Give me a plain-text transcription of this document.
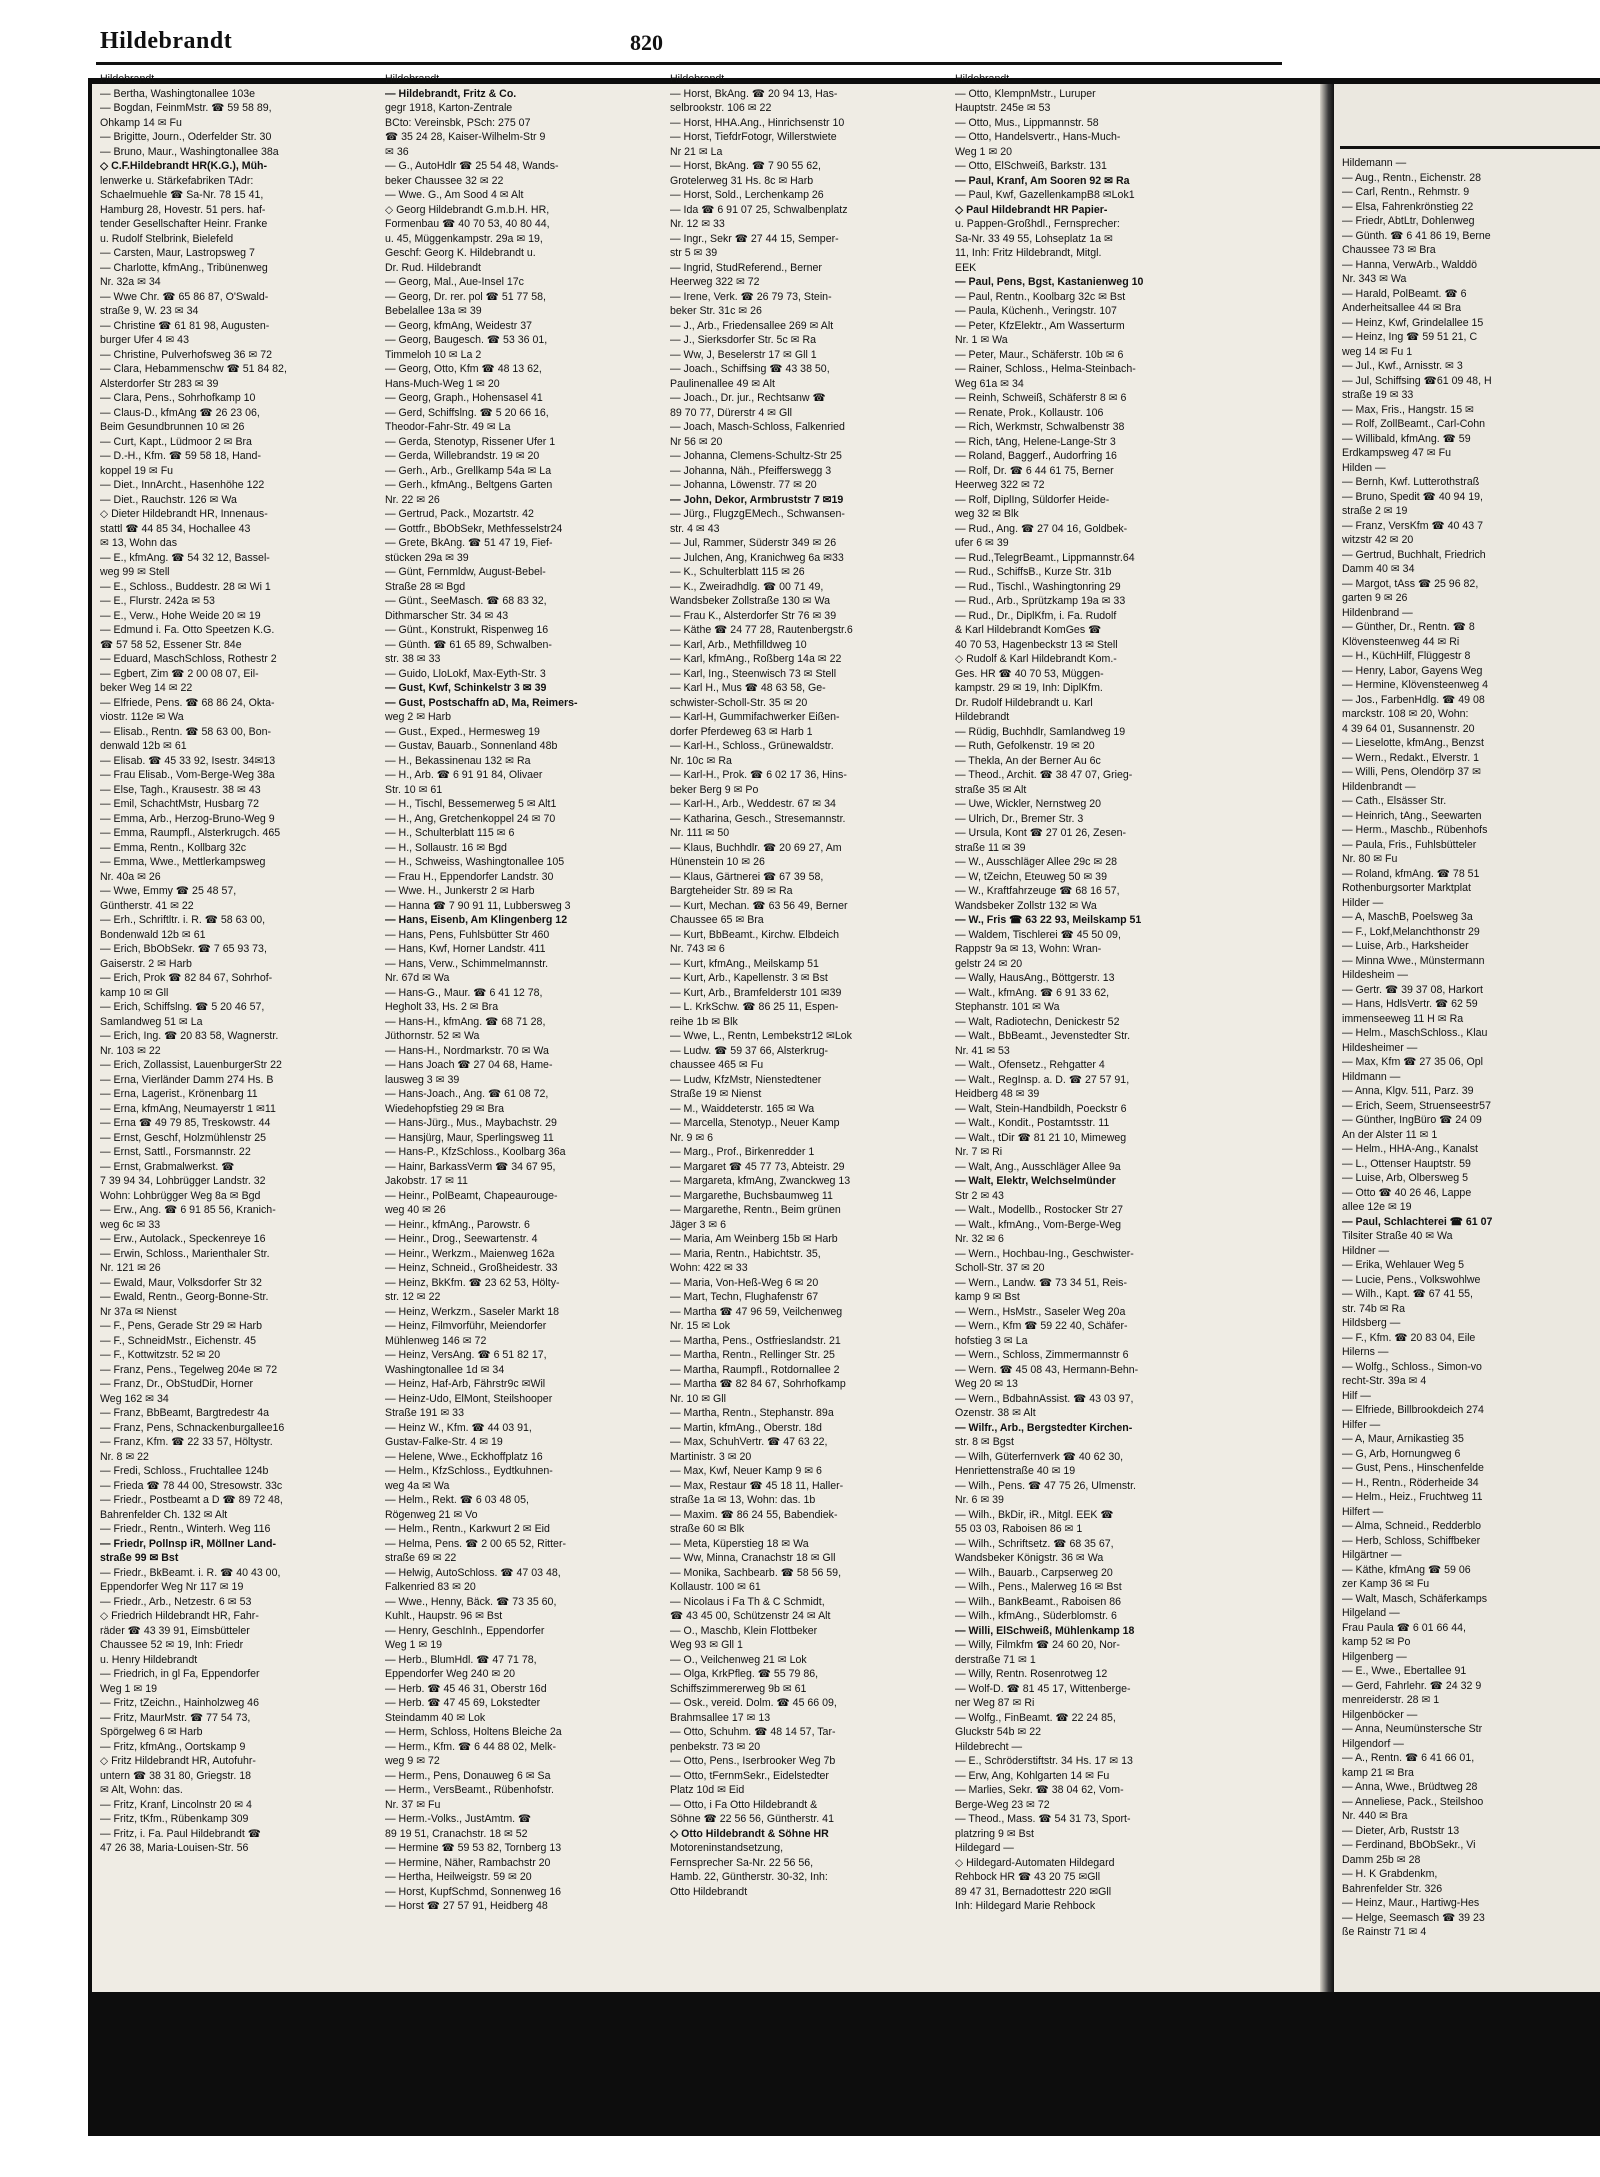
Hildemann —
— Aug., Rentn., Eichenstr. 28
— Carl, Rentn., Rehmstr. 9
— Elsa, Fahrenkrönstieg 22
— Friedr, AbtLtr, Dohlenweg
— Günth. ☎ 6 41 86 19, Berne
Chaussee 73 ✉ Bra
— Hanna, VerwArb., Walddö
Nr. 343 ✉ Wa
— Harald, PolBeamt. ☎ 6
Anderheitsallee 44 ✉ Bra
— Heinz, Kwf, Grindelallee 15
— Heinz, Ing ☎ 59 51 21, C
weg 14 ✉ Fu 1
— Jul., Kwf., Arnisstr. ✉ 3
— Jul, Schiffsing ☎61 09 48, H
straße 19 ✉ 33
— Max, Fris., Hangstr. 15 ✉
— Rolf, ZollBeamt., Carl-Cohn
— Willibald, kfmAng. ☎ 59
Erdkampsweg 47 ✉ Fu
Hilden —
— Bernh, Kwf. Lutterothstraß
— Bruno, Spedit ☎ 40 94 19,
straße 2 ✉ 19
— Franz, VersKfm ☎ 40 43 7
witzstr 42 ✉ 20
— Gertrud, Buchhalt, Friedrich
Damm 40 ✉ 34
— Margot, tAss ☎ 25 96 82,
garten 9 ✉ 26
Hildenbrand —
— Günther, Dr., Rentn. ☎ 8
Klövensteenweg 44 ✉ Ri
— H., KüchHilf, Flüggestr 8
— Henry, Labor, Gayens Weg
— Hermine, Klövensteenweg 4
— Jos., FarbenHdlg. ☎ 49 08
marckstr. 108 ✉ 20, Wohn:
4 39 64 01, Susannenstr. 20
— Lieselotte, kfmAng., Benzst
— Wern., Redakt., Elverstr. 1
— Willi, Pens, Olendörp 37 ✉
Hildenbrandt —
— Cath., Elsässer Str.
— Heinrich, tAng., Seewarten
— Herm., Maschb., Rübenhofs
— Paula, Fris., Fuhlsbütteler
Nr. 80 ✉ Fu
— Roland, kfmAng. ☎ 78 51
Rothenburgsorter Marktplat
Hilder —
— A, MaschB, Poelsweg 3a
— F., Lokf,Melanchthonstr 29
— Luise, Arb., Harksheider
— Minna Wwe., Münstermann
Hildesheim —
— Gertr. ☎ 39 37 08, Harkort
— Hans, HdlsVertr. ☎ 62 59
immenseeweg 11 H ✉ Ra
— Helm., MaschSchloss., Klau
Hildesheimer —
— Max, Kfm ☎ 27 35 06, Opl
Hildmann —
— Anna, Klgv. 511, Parz. 39
— Erich, Seem, Struenseestr57
— Günther, IngBüro ☎ 24 09
An der Alster 11 ✉ 1
— Helm., HHA-Ang., Kanalst
— L., Ottenser Hauptstr. 59
— Luise, Arb, Olbersweg 5
— Otto ☎ 40 26 46, Lappe
allee 12e ✉ 19
— Paul, Schlachterei ☎ 61 07
Tilsiter Straße 40 ✉ Wa
Hildner —
— Erika, Wehlauer Weg 5
— Lucie, Pens., Volkswohlwe
— Wilh., Kapt. ☎ 67 41 55,
str. 74b ✉ Ra
Hildsberg —
— F., Kfm. ☎ 20 83 04, Eile
Hilerns —
— Wolfg., Schloss., Simon-vo
recht-Str. 39a ✉ 4
Hilf —
— Elfriede, Billbrookdeich 274
Hilfer —
— A, Maur, Arnikastieg 35
— G, Arb, Hornungweg 6
— Gust, Pens., Hinschenfelde
— H., Rentn., Röderheide 34
— Helm., Heiz., Fruchtweg 11
Hilfert —
— Alma, Schneid., Redderblo
— Herb, Schloss, Schiffbeker
Hilgärtner —
— Käthe, kfmAng ☎ 59 06
zer Kamp 36 ✉ Fu
— Walt, Masch, Schäferkamps
Hilgeland —
Frau Paula ☎ 6 01 66 44,
kamp 52 ✉ Po
Hilgenberg —
— E., Wwe., Ebertallee 91
— Gerd, Fahrlehr. ☎ 24 32 9
menreiderstr. 28 ✉ 1
Hilgenböcker —
— Anna, Neumünstersche Str
Hilgendorf —
— A., Rentn. ☎ 6 41 66 01,
kamp 21 ✉ Bra
— Anna, Wwe., Brüdtweg 28
— Anneliese, Pack., Steilshoo
Nr. 440 ✉ Bra
— Dieter, Arb, Ruststr 13
— Ferdinand, BbObSekr., Vi
Damm 25b ✉ 28
— H. K Grabdenkm,
Bahrenfelder Str. 326
— Heinz, Maur., Hartiwg-Hes
— Helge, Seemasch ☎ 39 23
ße Rainstr 71 ✉ 4
Hildebrandt	820
Hildebrandt —
— Bertha, Washingtonallee 103e
— Bogdan, FeinmMstr. ☎ 59 58 89,
Ohkamp 14 ✉ Fu
— Brigitte, Journ., Oderfelder Str. 30
— Bruno, Maur., Washingtonallee 38a
◇ C.F.Hildebrandt HR(K.G.), Müh-
lenwerke u. Stärkefabriken TAdr:
Schaelmuehle ☎ Sa-Nr. 78 15 41,
Hamburg 28, Hovestr. 51 pers. haf-
tender Gesellschafter Heinr. Franke
u. Rudolf Stelbrink, Bielefeld
— Carsten, Maur, Lastropsweg 7
— Charlotte, kfmAng., Tribünenweg
Nr. 32a ✉ 34
— Wwe Chr. ☎ 65 86 87, O'Swald-
straße 9, W. 23 ✉ 34
— Christine ☎ 61 81 98, Augusten-
burger Ufer 4 ✉ 43
— Christine, Pulverhofsweg 36 ✉ 72
— Clara, Hebammenschw ☎ 51 84 82,
Alsterdorfer Str 283 ✉ 39
— Clara, Pens., Sohrhofkamp 10
— Claus-D., kfmAng ☎ 26 23 06,
Beim Gesundbrunnen 10 ✉ 26
— Curt, Kapt., Lüdmoor 2 ✉ Bra
— D.-H., Kfm. ☎ 59 58 18, Hand-
koppel 19 ✉ Fu
— Diet., InnArcht., Hasenhöhe 122
— Diet., Rauchstr. 126 ✉ Wa
◇ Dieter Hildebrandt HR, Innenaus-
stattl ☎ 44 85 34, Hochallee 43
✉ 13, Wohn das
— E., kfmAng. ☎ 54 32 12, Bassel-
weg 99 ✉ Stell
— E., Schloss., Buddestr. 28 ✉ Wi 1
— E., Flurstr. 242a ✉ 53
— E., Verw., Hohe Weide 20 ✉ 19
— Edmund i. Fa. Otto Speetzen K.G.
☎ 57 58 52, Essener Str. 84e
— Eduard, MaschSchloss, Rothestr 2
— Egbert, Zim ☎ 2 00 08 07, Eil-
beker Weg 14 ✉ 22
— Elfriede, Pens. ☎ 68 86 24, Okta-
viostr. 112e ✉ Wa
— Elisab., Rentn. ☎ 58 63 00, Bon-
denwald 12b ✉ 61
— Elisab. ☎ 45 33 92, Isestr. 34✉13
— Frau Elisab., Vom-Berge-Weg 38a
— Else, Tagh., Krausestr. 38 ✉ 43
— Emil, SchachtMstr, Husbarg 72
— Emma, Arb., Herzog-Bruno-Weg 9
— Emma, Raumpfl., Alsterkrugch. 465
— Emma, Rentn., Kollbarg 32c
— Emma, Wwe., Mettlerkampsweg
Nr. 40a ✉ 26
— Wwe, Emmy ☎ 25 48 57,
Güntherstr. 41 ✉ 22
— Erh., Schriftltr. i. R. ☎ 58 63 00,
Bondenwald 12b ✉ 61
— Erich, BbObSekr. ☎ 7 65 93 73,
Gaiserstr. 2 ✉ Harb
— Erich, Prok ☎ 82 84 67, Sohrhof-
kamp 10 ✉ Gll
— Erich, Schiffslng. ☎ 5 20 46 57,
Samlandweg 51 ✉ La
— Erich, Ing. ☎ 20 83 58, Wagnerstr.
Nr. 103 ✉ 22
— Erich, Zollassist, LauenburgerStr 22
— Erna, Vierländer Damm 274 Hs. B
— Erna, Lagerist., Krönenbarg 11
— Erna, kfmAng, Neumayerstr 1 ✉11
— Erna ☎ 49 79 85, Treskowstr. 44
— Ernst, Geschf, Holzmühlenstr 25
— Ernst, Sattl., Forsmannstr. 22
— Ernst, Grabmalwerkst. ☎
7 39 94 34, Lohbrügger Landstr. 32
Wohn: Lohbrügger Weg 8a ✉ Bgd
— Erw., Ang. ☎ 6 91 85 56, Kranich-
weg 6c ✉ 33
— Erw., Autolack., Speckenreye 16
— Erwin, Schloss., Marienthaler Str.
Nr. 121 ✉ 26
— Ewald, Maur, Volksdorfer Str 32
— Ewald, Rentn., Georg-Bonne-Str.
Nr 37a ✉ Nienst
— F., Pens, Gerade Str 29 ✉ Harb
— F., SchneidMstr., Eichenstr. 45
— F., Kottwitzstr. 52 ✉ 20
— Franz, Pens., Tegelweg 204e ✉ 72
— Franz, Dr., ObStudDir, Horner
Weg 162 ✉ 34
— Franz, BbBeamt, Bargtredestr 4a
— Franz, Pens, Schnackenburgallee16
— Franz, Kfm. ☎ 22 33 57, Höltystr.
Nr. 8 ✉ 22
— Fredi, Schloss., Fruchtallee 124b
— Frieda ☎ 78 44 00, Stresowstr. 33c
— Friedr., Postbeamt a D ☎ 89 72 48,
Bahrenfelder Ch. 132 ✉ Alt
— Friedr., Rentn., Winterh. Weg 116
— Friedr, Pollnsp iR, Möllner Land-
straße 99 ✉ Bst
— Friedr., BkBeamt. i. R. ☎ 40 43 00,
Eppendorfer Weg Nr 117 ✉ 19
— Friedr., Arb., Netzestr. 6 ✉ 53
◇ Friedrich Hildebrandt HR, Fahr-
räder ☎ 43 39 91, Eimsbütteler
Chaussee 52 ✉ 19, Inh: Friedr
u. Henry Hildebrandt
— Friedrich, in gl Fa, Eppendorfer
Weg 1 ✉ 19
— Fritz, tZeichn., Hainholzweg 46
— Fritz, MaurMstr. ☎ 77 54 73,
Spörgelweg 6 ✉ Harb
— Fritz, kfmAng., Oortskamp 9
◇ Fritz Hildebrandt HR, Autofuhr-
untern ☎ 38 31 80, Griegstr. 18
✉ Alt, Wohn: das.
— Fritz, Kranf, Lincolnstr 20 ✉ 4
— Fritz, tKfm., Rübenkamp 309
— Fritz, i. Fa. Paul Hildebrandt ☎
47 26 38, Maria-Louisen-Str. 56
Hildebrandt —
— Hildebrandt, Fritz & Co.
gegr 1918, Karton-Zentrale
BCto: Vereinsbk, PSch: 275 07
☎ 35 24 28, Kaiser-Wilhelm-Str 9
✉ 36
— G., AutoHdlr ☎ 25 54 48, Wands-
beker Chaussee 32 ✉ 22
— Wwe. G., Am Sood 4 ✉ Alt
◇ Georg Hildebrandt G.m.b.H. HR,
Formenbau ☎ 40 70 53, 40 80 44,
u. 45, Müggenkampstr. 29a ✉ 19,
Geschf: Georg K. Hildebrandt u.
Dr. Rud. Hildebrandt
— Georg, Mal., Aue-Insel 17c
— Georg, Dr. rer. pol ☎ 51 77 58,
Bebelallee 13a ✉ 39
— Georg, kfmAng, Weidestr 37
— Georg, Baugesch. ☎ 53 36 01,
Timmeloh 10 ✉ La 2
— Georg, Otto, Kfm ☎ 48 13 62,
Hans-Much-Weg 1 ✉ 20
— Georg, Graph., Hohensasel 41
— Gerd, Schiffslng. ☎ 5 20 66 16,
Theodor-Fahr-Str. 49 ✉ La
— Gerda, Stenotyp, Rissener Ufer 1
— Gerda, Willebrandstr. 19 ✉ 20
— Gerh., Arb., Grellkamp 54a ✉ La
— Gerh., kfmAng., Beltgens Garten
Nr. 22 ✉ 26
— Gertrud, Pack., Mozartstr. 42
— Gottfr., BbObSekr, Methfesselstr24
— Grete, BkAng. ☎ 51 47 19, Fief-
stücken 29a ✉ 39
— Günt, Fernmldw, August-Bebel-
Straße 28 ✉ Bgd
— Günt., SeeMasch. ☎ 68 83 32,
Dithmarscher Str. 34 ✉ 43
— Günt., Konstrukt, Rispenweg 16
— Günth. ☎ 61 65 89, Schwalben-
str. 38 ✉ 33
— Guido, LloLokf, Max-Eyth-Str. 3
— Gust, Kwf, Schinkelstr 3 ✉ 39
— Gust, Postschaffn aD, Ma, Reimers-
weg 2 ✉ Harb
— Gust., Exped., Hermesweg 19
— Gustav, Bauarb., Sonnenland 48b
— H., Bekassinenau 132 ✉ Ra
— H., Arb. ☎ 6 91 91 84, Olivaer
Str. 10 ✉ 61
— H., Tischl, Bessemerweg 5 ✉ Alt1
— H., Ang, Gretchenkoppel 24 ✉ 70
— H., Schulterblatt 115 ✉ 6
— H., Sollaustr. 16 ✉ Bgd
— H., Schweiss, Washingtonallee 105
— Frau H., Eppendorfer Landstr. 30
— Wwe. H., Junkerstr 2 ✉ Harb
— Hanna ☎ 7 90 91 11, Lubbersweg 3
— Hans, Eisenb, Am Klingenberg 12
— Hans, Pens, Fuhlsbütter Str 460
— Hans, Kwf, Horner Landstr. 411
— Hans, Verw., Schimmelmannstr.
Nr. 67d ✉ Wa
— Hans-G., Maur. ☎ 6 41 12 78,
Hegholt 33, Hs. 2 ✉ Bra
— Hans-H., kfmAng. ☎ 68 71 28,
Jüthornstr. 52 ✉ Wa
— Hans-H., Nordmarkstr. 70 ✉ Wa
— Hans Joach ☎ 27 04 68, Hame-
lausweg 3 ✉ 39
— Hans-Joach., Ang. ☎ 61 08 72,
Wiedehopfstieg 29 ✉ Bra
— Hans-Jürg., Mus., Maybachstr. 29
— Hansjürg, Maur, Sperlingsweg 11
— Hans-P., KfzSchloss., Koolbarg 36a
— Hainr, BarkassVerm ☎ 34 67 95,
Jakobstr. 17 ✉ 11
— Heinr., PolBeamt, Chapeaurouge-
weg 40 ✉ 26
— Heinr., kfmAng., Parowstr. 6
— Heinr., Drog., Seewartenstr. 4
— Heinr., Werkzm., Maienweg 162a
— Heinz, Schneid., Großheidestr. 33
— Heinz, BkKfm. ☎ 23 62 53, Hölty-
str. 12 ✉ 22
— Heinz, Werkzm., Saseler Markt 18
— Heinz, Filmvorführ, Meiendorfer
Mühlenweg 146 ✉ 72
— Heinz, VersAng. ☎ 6 51 82 17,
Washingtonallee 1d ✉ 34
— Heinz, Haf-Arb, Fährstr9c ✉Wil
— Heinz-Udo, ElMont, Steilshooper
Straße 191 ✉ 33
— Heinz W., Kfm. ☎ 44 03 91,
Gustav-Falke-Str. 4 ✉ 19
— Helene, Wwe., Eckhoffplatz 16
— Helm., KfzSchloss., Eydtkuhnen-
weg 4a ✉ Wa
— Helm., Rekt. ☎ 6 03 48 05,
Rögenweg 21 ✉ Vo
— Helm., Rentn., Karkwurt 2 ✉ Eid
— Helma, Pens. ☎ 2 00 65 52, Ritter-
straße 69 ✉ 22
— Helwig, AutoSchloss. ☎ 47 03 48,
Falkenried 83 ✉ 20
— Wwe., Henny, Bäck. ☎ 73 35 60,
Kuhlt., Haupstr. 96 ✉ Bst
— Henry, GeschInh., Eppendorfer
Weg 1 ✉ 19
— Herb., BlumHdl. ☎ 47 71 78,
Eppendorfer Weg 240 ✉ 20
— Herb. ☎ 45 46 31, Oberstr 16d
— Herb. ☎ 47 45 69, Lokstedter
Steindamm 40 ✉ Lok
— Herm, Schloss, Holtens Bleiche 2a
— Herm., Kfm. ☎ 6 44 88 02, Melk-
weg 9 ✉ 72
— Herm., Pens, Donauweg 6 ✉ Sa
— Herm., VersBeamt., Rübenhofstr.
Nr. 37 ✉ Fu
— Herm.-Volks., JustAmtm. ☎
89 19 51, Cranachstr. 18 ✉ 52
— Hermine ☎ 59 53 82, Tornberg 13
— Hermine, Näher, Rambachstr 20
— Hertha, Heilweigstr. 59 ✉ 20
— Horst, KupfSchmd, Sonnenweg 16
— Horst ☎ 27 57 91, Heidberg 48
Hildebrandt —
— Horst, BkAng. ☎ 20 94 13, Has-
selbrookstr. 106 ✉ 22
— Horst, HHA.Ang., Hinrichsenstr 10
— Horst, TiefdrFotogr, Willerstwiete
Nr 21 ✉ La
— Horst, BkAng. ☎ 7 90 55 62,
Grotelerweg 31 Hs. 8c ✉ Harb
— Horst, Sold., Lerchenkamp 26
— Ida ☎ 6 91 07 25, Schwalbenplatz
Nr. 12 ✉ 33
— Ingr., Sekr ☎ 27 44 15, Semper-
str 5 ✉ 39
— Ingrid, StudReferend., Berner
Heerweg 322 ✉ 72
— Irene, Verk. ☎ 26 79 73, Stein-
beker Str. 31c ✉ 26
— J., Arb., Friedensallee 269 ✉ Alt
— J., Sierksdorfer Str. 5c ✉ Ra
— Ww, J, Beselerstr 17 ✉ Gll 1
— Joach., Schiffsing ☎ 43 38 50,
Paulinenallee 49 ✉ Alt
— Joach., Dr. jur., Rechtsanw ☎
89 70 77, Dürerstr 4 ✉ Gll
— Joach, Masch-Schloss, Falkenried
Nr 56 ✉ 20
— Johanna, Clemens-Schultz-Str 25
— Johanna, Näh., Pfeifferswegg 3
— Johanna, Löwenstr. 77 ✉ 20
— John, Dekor, Armbruststr 7 ✉19
— Jürg., FlugzgEMech., Schwansen-
str. 4 ✉ 43
— Jul, Rammer, Süderstr 349 ✉ 26
— Julchen, Ang, Kranichweg 6a ✉33
— K., Schulterblatt 115 ✉ 26
— K., Zweiradhdlg. ☎ 00 71 49,
Wandsbeker Zollstraße 130 ✉ Wa
— Frau K., Alsterdorfer Str 76 ✉ 39
— Käthe ☎ 24 77 28, Rautenbergstr.6
— Karl, Arb., Methfilldweg 10
— Karl, kfmAng., Roßberg 14a ✉ 22
— Karl, Ing., Steenwisch 73 ✉ Stell
— Karl H., Mus ☎ 48 63 58, Ge-
schwister-Scholl-Str. 35 ✉ 20
— Karl-H, Gummifachwerker Eißen-
dorfer Pferdeweg 63 ✉ Harb 1
— Karl-H., Schloss., Grünewaldstr.
Nr. 10c ✉ Ra
— Karl-H., Prok. ☎ 6 02 17 36, Hins-
beker Berg 9 ✉ Po
— Karl-H., Arb., Weddestr. 67 ✉ 34
— Katharina, Gesch., Stresemannstr.
Nr. 111 ✉ 50
— Klaus, Buchhdlr. ☎ 20 69 27, Am
Hünenstein 10 ✉ 26
— Klaus, Gärtnerei ☎ 67 39 58,
Bargteheider Str. 89 ✉ Ra
— Kurt, Mechan. ☎ 63 56 49, Berner
Chaussee 65 ✉ Bra
— Kurt, BbBeamt., Kirchw. Elbdeich
Nr. 743 ✉ 6
— Kurt, kfmAng., Meilskamp 51
— Kurt, Arb., Kapellenstr. 3 ✉ Bst
— Kurt, Arb., Bramfelderstr 101 ✉39
— L. KrkSchw. ☎ 86 25 11, Espen-
reihe 1b ✉ Blk
— Wwe, L., Rentn, Lembekstr12 ✉Lok
— Ludw. ☎ 59 37 66, Alsterkrug-
chaussee 465 ✉ Fu
— Ludw, KfzMstr, Nienstedtener
Straße 19 ✉ Nienst
— M., Waiddeterstr. 165 ✉ Wa
— Marcella, Stenotyp., Neuer Kamp
Nr. 9 ✉ 6
— Marg., Prof., Birkenredder 1
— Margaret ☎ 45 77 73, Abteistr. 29
— Margareta, kfmAng, Zwanckweg 13
— Margarethe, Buchsbaumweg 11
— Margarethe, Rentn., Beim grünen
Jäger 3 ✉ 6
— Maria, Am Weinberg 15b ✉ Harb
— Maria, Rentn., Habichtstr. 35,
Wohn: 422 ✉ 33
— Maria, Von-Heß-Weg 6 ✉ 20
— Mart, Techn, Flughafenstr 67
— Martha ☎ 47 96 59, Veilchenweg
Nr. 15 ✉ Lok
— Martha, Pens., Ostfrieslandstr. 21
— Martha, Rentn., Rellinger Str. 25
— Martha, Raumpfl., Rotdornallee 2
— Martha ☎ 82 84 67, Sohrhofkamp
Nr. 10 ✉ Gll
— Martha, Rentn., Stephanstr. 89a
— Martin, kfmAng., Oberstr. 18d
— Max, SchuhVertr. ☎ 47 63 22,
Martinistr. 3 ✉ 20
— Max, Kwf, Neuer Kamp 9 ✉ 6
— Max, Restaur ☎ 45 18 11, Haller-
straße 1a ✉ 13, Wohn: das. 1b
— Maxim. ☎ 86 24 55, Babendiek-
straße 60 ✉ Blk
— Meta, Küperstieg 18 ✉ Wa
— Ww, Minna, Cranachstr 18 ✉ Gll
— Monika, Sachbearb. ☎ 58 56 59,
Kollaustr. 100 ✉ 61
— Nicolaus i Fa Th & C Schmidt,
☎ 43 45 00, Schützenstr 24 ✉ Alt
— O., Maschb, Klein Flottbeker
Weg 93 ✉ Gll 1
— O., Veilchenweg 21 ✉ Lok
— Olga, KrkPfleg. ☎ 55 79 86,
Schiffszimmererweg 9b ✉ 61
— Osk., vereid. Dolm. ☎ 45 66 09,
Brahmsallee 17 ✉ 13
— Otto, Schuhm. ☎ 48 14 57, Tar-
penbekstr. 73 ✉ 20
— Otto, Pens., Iserbrooker Weg 7b
— Otto, tFernmSekr., Eidelstedter
Platz 10d ✉ Eid
— Otto, i Fa Otto Hildebrandt &
Söhne ☎ 22 56 56, Güntherstr. 41
◇ Otto Hildebrandt & Söhne HR
Motoreninstandsetzung,
Fernsprecher Sa-Nr. 22 56 56,
Hamb. 22, Güntherstr. 30-32, Inh:
Otto Hildebrandt
Hildebrandt —
— Otto, KlempnMstr., Luruper
Hauptstr. 245e ✉ 53
— Otto, Mus., Lippmannstr. 58
— Otto, Handelsvertr., Hans-Much-
Weg 1 ✉ 20
— Otto, ElSchweiß, Barkstr. 131
— Paul, Kranf, Am Sooren 92 ✉ Ra
— Paul, Kwf, GazellenkampB8 ✉Lok1
◇ Paul Hildebrandt HR Papier-
u. Pappen-Großhdl., Fernsprecher:
Sa-Nr. 33 49 55, Lohseplatz 1a ✉
11, Inh: Fritz Hildebrandt, Mitgl.
EEK
— Paul, Pens, Bgst, Kastanienweg 10
— Paul, Rentn., Koolbarg 32c ✉ Bst
— Paula, Küchenh., Veringstr. 107
— Peter, KfzElektr., Am Wasserturm
Nr. 1 ✉ Wa
— Peter, Maur., Schäferstr. 10b ✉ 6
— Rainer, Schloss., Helma-Steinbach-
Weg 61a ✉ 34
— Reinh, Schweiß, Schäferstr 8 ✉ 6
— Renate, Prok., Kollaustr. 106
— Rich, Werkmstr, Schwalbenstr 38
— Rich, tAng, Helene-Lange-Str 3
— Roland, Baggerf., Audorfring 16
— Rolf, Dr. ☎ 6 44 61 75, Berner
Heerweg 322 ✉ 72
— Rolf, DiplIng, Süldorfer Heide-
weg 32 ✉ Blk
— Rud., Ang. ☎ 27 04 16, Goldbek-
ufer 6 ✉ 39
— Rud.,TelegrBeamt., Lippmannstr.64
— Rud., SchiffsB., Kurze Str. 31b
— Rud., Tischl., Washingtonring 29
— Rud., Arb., Sprützkamp 19a ✉ 33
— Rud., Dr., DiplKfm, i. Fa. Rudolf
& Karl Hildebrandt KomGes ☎
40 70 53, Hagenbeckstr 13 ✉ Stell
◇ Rudolf & Karl Hildebrandt Kom.-
Ges. HR ☎ 40 70 53, Müggen-
kampstr. 29 ✉ 19, Inh: DiplKfm.
Dr. Rudolf Hildebrandt u. Karl
Hildebrandt
— Rüdig, Buchhdlr, Samlandweg 19
— Ruth, Gefolkenstr. 19 ✉ 20
— Thekla, An der Berner Au 6c
— Theod., Archit. ☎ 38 47 07, Grieg-
straße 35 ✉ Alt
— Uwe, Wickler, Nernstweg 20
— Ulrich, Dr., Bremer Str. 3
— Ursula, Kont ☎ 27 01 26, Zesen-
straße 11 ✉ 39
— W., Ausschläger Allee 29c ✉ 28
— W, tZeichn, Eteuweg 50 ✉ 39
— W., Kraftfahrzeuge ☎ 68 16 57,
Wandsbeker Zollstr 132 ✉ Wa
— W., Fris ☎ 63 22 93, Meilskamp 51
— Waldem, Tischlerei ☎ 45 50 09,
Rappstr 9a ✉ 13, Wohn: Wran-
gelstr 24 ✉ 20
— Wally, HausAng., Böttgerstr. 13
— Walt., kfmAng. ☎ 6 91 33 62,
Stephanstr. 101 ✉ Wa
— Walt, Radiotechn, Denickestr 52
— Walt., BbBeamt., Jevenstedter Str.
Nr. 41 ✉ 53
— Walt., Ofensetz., Rehgatter 4
— Walt., RegInsp. a. D. ☎ 27 57 91,
Heidberg 48 ✉ 39
— Walt, Stein-Handbildh, Poeckstr 6
— Walt., Kondit., Postamtsstr. 11
— Walt., tDir ☎ 81 21 10, Mimeweg
Nr. 7 ✉ Ri
— Walt, Ang., Ausschläger Allee 9a
— Walt, Elektr, Welchselmünder
Str 2 ✉ 43
— Walt., Modellb., Rostocker Str 27
— Walt., kfmAng., Vom-Berge-Weg
Nr. 32 ✉ 6
— Wern., Hochbau-Ing., Geschwister-
Scholl-Str. 37 ✉ 20
— Wern., Landw. ☎ 73 34 51, Reis-
kamp 9 ✉ Bst
— Wern., HsMstr., Saseler Weg 20a
— Wern., Kfm ☎ 59 22 40, Schäfer-
hofstieg 3 ✉ La
— Wern., Schloss, Zimmermannstr 6
— Wern. ☎ 45 08 43, Hermann-Behn-
Weg 20 ✉ 13
— Wern., BdbahnAssist. ☎ 43 03 97,
Ozenstr. 38 ✉ Alt
— Wilfr., Arb., Bergstedter Kirchen-
str. 8 ✉ Bgst
— Wilh, Güterfernverk ☎ 40 62 30,
Henriettenstraße 40 ✉ 19
— Wilh., Pens. ☎ 47 75 26, Ulmenstr.
Nr. 6 ✉ 39
— Wilh., BkDir, iR., Mitgl. EEK ☎
55 03 03, Raboisen 86 ✉ 1
— Wilh., Schriftsetz. ☎ 68 35 67,
Wandsbeker Königstr. 36 ✉ Wa
— Wilh., Bauarb., Carpserweg 20
— Wilh., Pens., Malerweg 16 ✉ Bst
— Wilh., BankBeamt., Raboisen 86
— Wilh., kfmAng., Süderblomstr. 6
— Willi, ElSchweiß, Mühlenkamp 18
— Willy, Filmkfm ☎ 24 60 20, Nor-
derstraße 71 ✉ 1
— Willy, Rentn. Rosenrotweg 12
— Wolf-D. ☎ 81 45 17, Wittenberge-
ner Weg 87 ✉ Ri
— Wolfg., FinBeamt. ☎ 22 24 85,
Gluckstr 54b ✉ 22
Hildebrecht —
— E., Schröderstiftstr. 34 Hs. 17 ✉ 13
— Erw, Ang, Kohlgarten 14 ✉ Fu
— Marlies, Sekr. ☎ 38 04 62, Vom-
Berge-Weg 23 ✉ 72
— Theod., Mass. ☎ 54 31 73, Sport-
platzring 9 ✉ Bst
Hildegard —
◇ Hildegard-Automaten Hildegard
Rehbock HR ☎ 43 20 75 ✉Gll
89 47 31, Bernadottestr 220 ✉Gll
Inh: Hildegard Marie Rehbock
